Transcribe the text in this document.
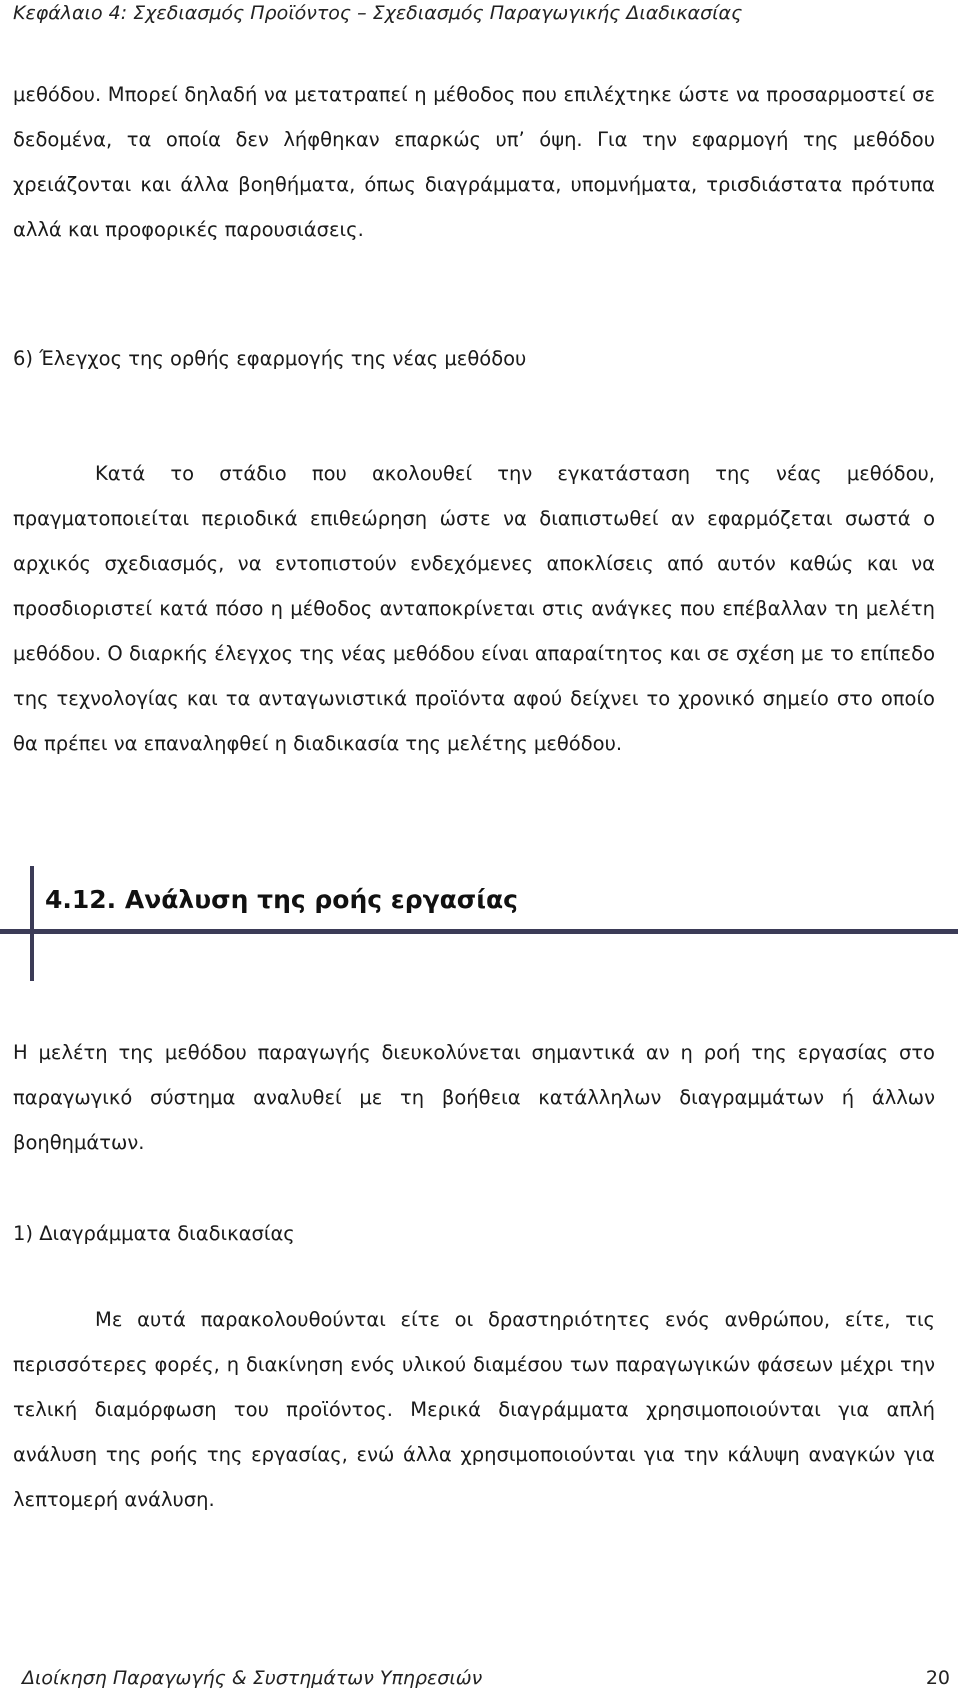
Κεφάλαιο 4: Σχεδιασμός Προϊόντος – Σχεδιασμός Παραγωγικής Διαδικασίας

μεθόδου. Μπορεί δηλαδή να μετατραπεί η μέθοδος που επιλέχτηκε ώστε να προσαρμοστεί σε δεδομένα, τα οποία δεν λήφθηκαν επαρκώς υπ’ όψη. Για την εφαρμογή της μεθόδου χρειάζονται και άλλα βοηθήματα, όπως διαγράμματα, υπομνήματα, τρισδιάστατα πρότυπα αλλά και προφορικές παρουσιάσεις.

6) Έλεγχος της ορθής εφαρμογής της νέας μεθόδου

Κατά το στάδιο που ακολουθεί την εγκατάσταση της νέας μεθόδου, πραγματοποιείται περιοδικά επιθεώρηση ώστε να διαπιστωθεί αν εφαρμόζεται σωστά ο αρχικός σχεδιασμός, να εντοπιστούν ενδεχόμενες αποκλίσεις από αυτόν καθώς και να προσδιοριστεί κατά πόσο η μέθοδος ανταποκρίνεται στις ανάγκες που επέβαλλαν τη μελέτη μεθόδου. Ο διαρκής έλεγχος της νέας μεθόδου είναι απαραίτητος και σε σχέση με το επίπεδο της τεχνολογίας και τα ανταγωνιστικά προϊόντα αφού δείχνει το χρονικό σημείο στο οποίο θα πρέπει να επαναληφθεί η διαδικασία της μελέτης μεθόδου.

4.12. Ανάλυση της ροής εργασίας

Η μελέτη της μεθόδου παραγωγής διευκολύνεται σημαντικά αν η ροή της εργασίας στο παραγωγικό σύστημα αναλυθεί με τη βοήθεια κατάλληλων διαγραμμάτων ή άλλων βοηθημάτων.

1) Διαγράμματα διαδικασίας

Με αυτά παρακολουθούνται είτε οι δραστηριότητες ενός ανθρώπου, είτε, τις περισσότερες φορές, η διακίνηση ενός υλικού διαμέσου των παραγωγικών φάσεων μέχρι την τελική διαμόρφωση του προϊόντος. Μερικά διαγράμματα χρησιμοποιούνται για απλή ανάλυση της ροής της εργασίας, ενώ άλλα χρησιμοποιούνται για την κάλυψη αναγκών για λεπτομερή ανάλυση.

Διοίκηση Παραγωγής & Συστημάτων Υπηρεσιών	20
